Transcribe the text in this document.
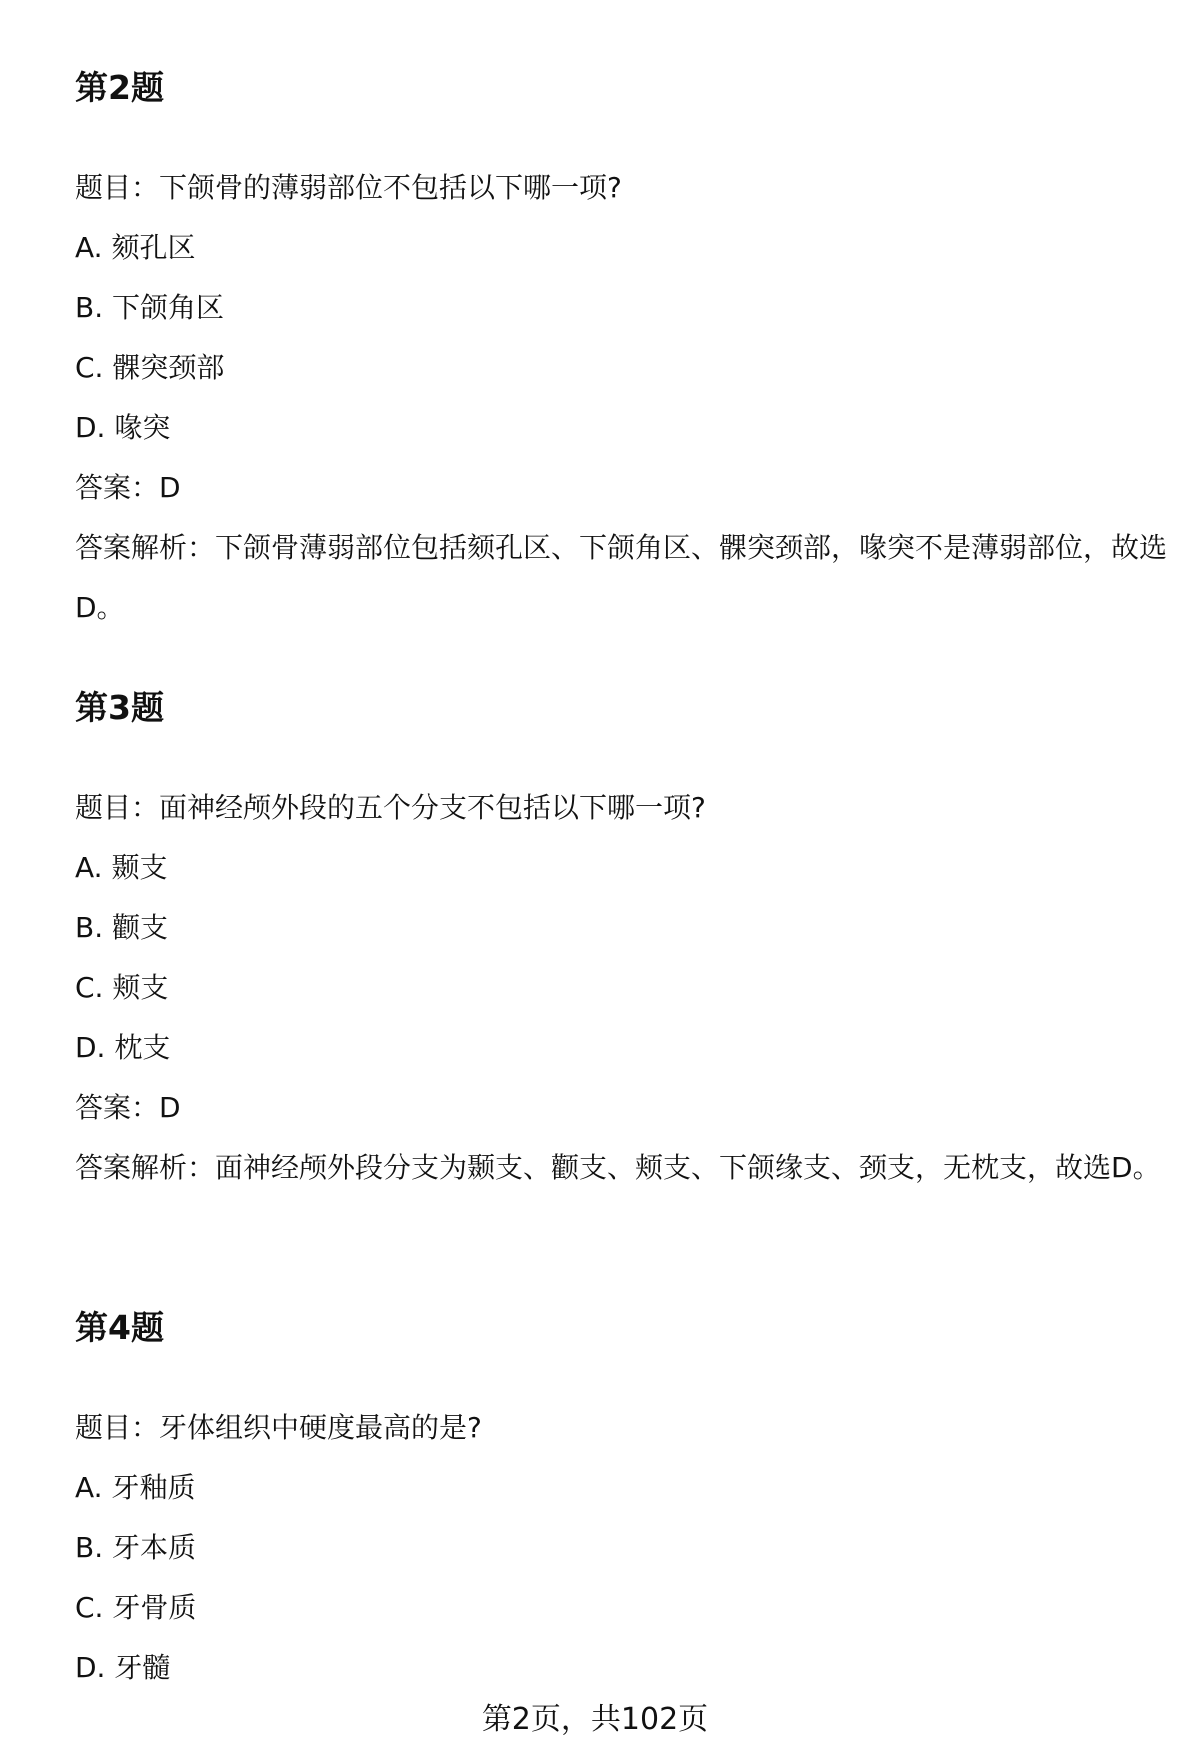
第2题

题目：下颌骨的薄弱部位不包括以下哪一项?

A. 颏孔区

B. 下颌角区

C. 髁突颈部

D. 喙突

答案：D

答案解析：下颌骨薄弱部位包括颏孔区、下颌角区、髁突颈部，喙突不是薄弱部位，故选D。

第3题

题目：面神经颅外段的五个分支不包括以下哪一项?

A. 颞支

B. 颧支

C. 颊支

D. 枕支

答案：D

答案解析：面神经颅外段分支为颞支、颧支、颊支、下颌缘支、颈支，无枕支，故选D。

第4题

题目：牙体组织中硬度最高的是?

A. 牙釉质

B. 牙本质

C. 牙骨质

D. 牙髓

第2页，共102页
